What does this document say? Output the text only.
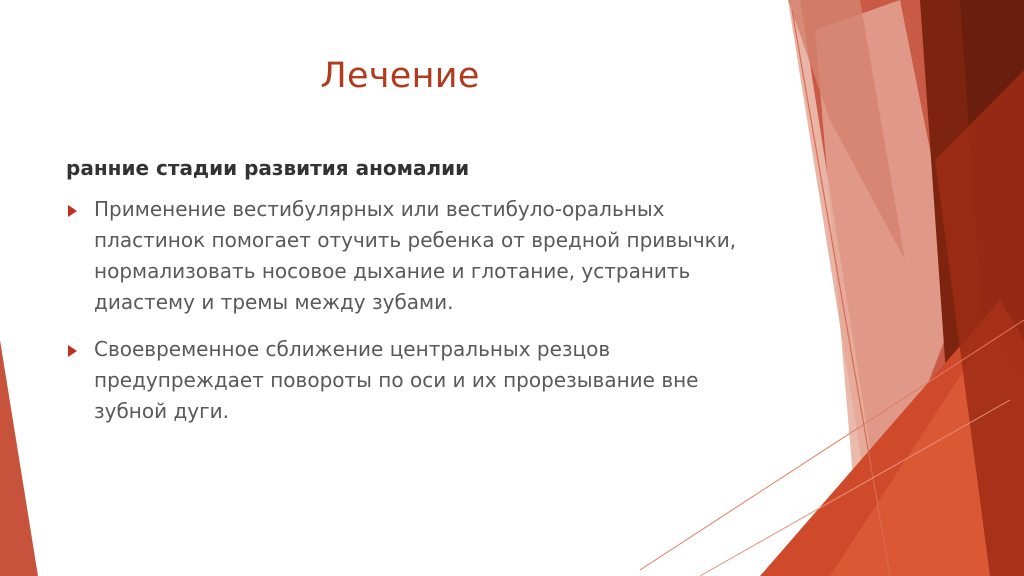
Лечение
ранние стадии развития аномалии
Применение вестибулярных или вестибуло-оральных пластинок помогает отучить ребенка от вредной привычки, нормализовать носовое дыхание и глотание, устранить диастему и тремы между зубами.
Своевременное сближение центральных резцов предупреждает повороты по оси и их прорезывание вне зубной дуги.
